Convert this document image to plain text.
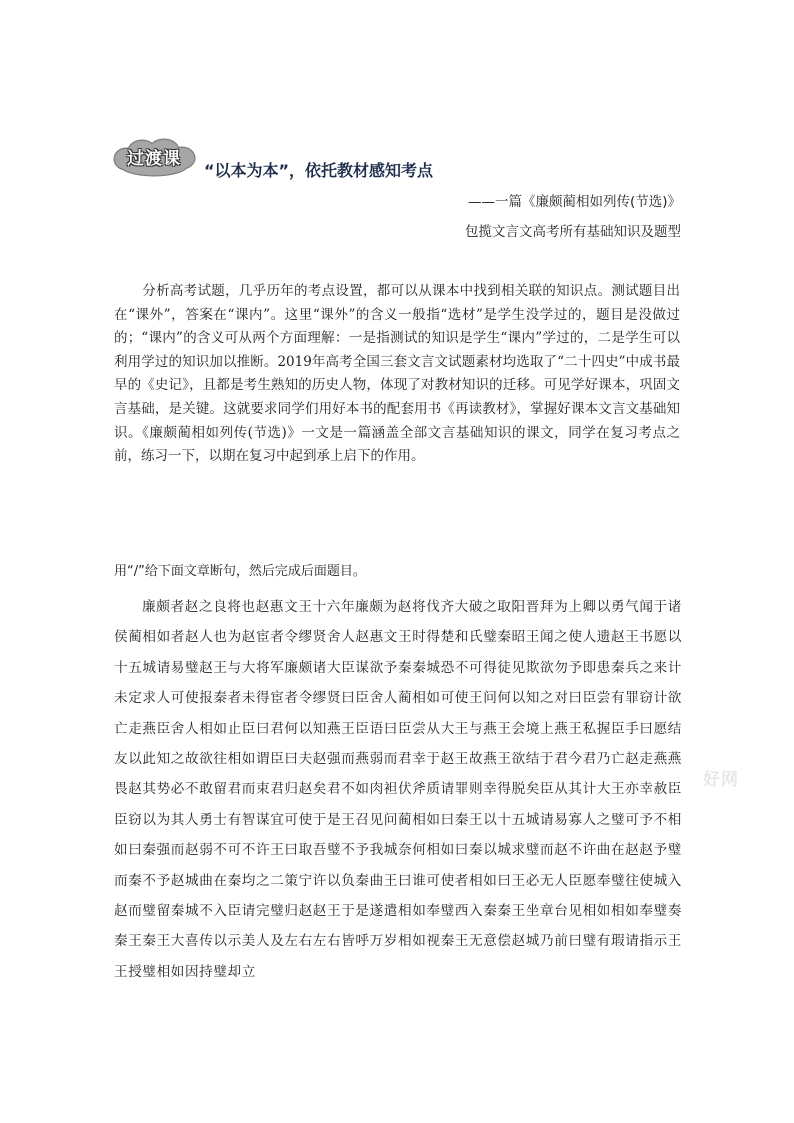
过渡课
“以本为本”，依托教材感知考点
——一篇《廉颇蔺相如列传(节选)》
包揽文言文高考所有基础知识及题型
分析高考试题，几乎历年的考点设置，都可以从课本中找到相关联的知识点。测试题目出在“课外”，答案在“课内”。这里“课外”的含义一般指“选材”是学生没学过的，题目是没做过的；“课内”的含义可从两个方面理解：一是指测试的知识是学生“课内”学过的，二是学生可以利用学过的知识加以推断。2019年高考全国三套文言文试题素材均选取了“二十四史”中成书最早的《史记》，且都是考生熟知的历史人物，体现了对教材知识的迁移。可见学好课本，巩固文言基础，是关键。这就要求同学们用好本书的配套用书《再读教材》，掌握好课本文言文基础知识。《廉颇蔺相如列传(节选)》一文是一篇涵盖全部文言基础知识的课文，同学在复习考点之前，练习一下，以期在复习中起到承上启下的作用。
用“/”给下面文章断句，然后完成后面题目。
廉颇者赵之良将也赵惠文王十六年廉颇为赵将伐齐大破之取阳晋拜为上卿以勇气闻于诸侯蔺相如者赵人也为赵宦者令缪贤舍人赵惠文王时得楚和氏璧秦昭王闻之使人遗赵王书愿以十五城请易璧赵王与大将军廉颇诸大臣谋欲予秦秦城恐不可得徒见欺欲勿予即患秦兵之来计未定求人可使报秦者未得宦者令缪贤曰臣舍人蔺相如可使王问何以知之对曰臣尝有罪窃计欲亡走燕臣舍人相如止臣曰君何以知燕王臣语曰臣尝从大王与燕王会境上燕王私握臣手曰愿结友以此知之故欲往相如谓臣曰夫赵强而燕弱而君幸于赵王故燕王欲结于君今君乃亡赵走燕燕畏赵其势必不敢留君而束君归赵矣君不如肉袒伏斧质请罪则幸得脱矣臣从其计大王亦幸赦臣臣窃以为其人勇士有智谋宜可使于是王召见问蔺相如曰秦王以十五城请易寡人之璧可予不相如曰秦强而赵弱不可不许王曰取吾璧不予我城奈何相如曰秦以城求璧而赵不许曲在赵赵予璧而秦不予赵城曲在秦均之二策宁许以负秦曲王曰谁可使者相如曰王必无人臣愿奉璧往使城入赵而璧留秦城不入臣请完璧归赵赵王于是遂遣相如奉璧西入秦秦王坐章台见相如相如奉璧奏秦王秦王大喜传以示美人及左右左右皆呼万岁相如视秦王无意偿赵城乃前曰璧有瑕请指示王王授璧相如因持璧却立
好网
